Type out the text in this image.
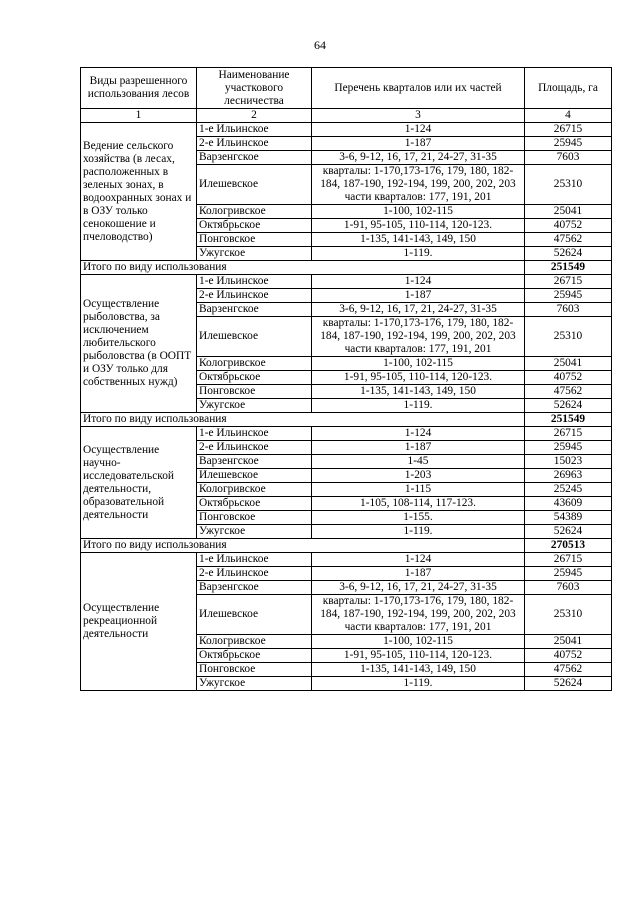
64
Виды разрешенного использования лесов	Наименование участкового лесничества	Перечень кварталов или их частей	Площадь, га
1	2	3	4
Ведение сельского хозяйства (в лесах, расположенных в зеленых зонах, в водоохранных зонах и в ОЗУ только сенокошение и пчеловодство)	1-е Ильинское	1-124	26715
	2-е Ильинское	1-187	25945
	Варзенгское	3-6, 9-12, 16, 17, 21, 24-27, 31-35	7603
	Илешевское	кварталы: 1-170,173-176, 179, 180, 182-184, 187-190, 192-194, 199, 200, 202, 203 части кварталов: 177, 191, 201	25310
	Кологривское	1-100, 102-115	25041
	Октябрьское	1-91, 95-105, 110-114, 120-123.	40752
	Понговское	1-135, 141-143, 149, 150	47562
	Ужугское	1-119.	52624
Итого по виду использования			251549
Осуществление рыболовства, за исключением любительского рыболовства (в ООПТ и ОЗУ только для собственных нужд)	1-е Ильинское	1-124	26715
	2-е Ильинское	1-187	25945
	Варзенгское	3-6, 9-12, 16, 17, 21, 24-27, 31-35	7603
	Илешевское	кварталы: 1-170,173-176, 179, 180, 182-184, 187-190, 192-194, 199, 200, 202, 203 части кварталов: 177, 191, 201	25310
	Кологривское	1-100, 102-115	25041
	Октябрьское	1-91, 95-105, 110-114, 120-123.	40752
	Понговское	1-135, 141-143, 149, 150	47562
	Ужугское	1-119.	52624
Итого по виду использования			251549
Осуществление научно-исследовательской деятельности, образовательной деятельности	1-е Ильинское	1-124	26715
	2-е Ильинское	1-187	25945
	Варзенгское	1-45	15023
	Илешевское	1-203	26963
	Кологривское	1-115	25245
	Октябрьское	1-105, 108-114, 117-123.	43609
	Понговское	1-155.	54389
	Ужугское	1-119.	52624
Итого по виду использования			270513
Осуществление рекреационной деятельности	1-е Ильинское	1-124	26715
	2-е Ильинское	1-187	25945
	Варзенгское	3-6, 9-12, 16, 17, 21, 24-27, 31-35	7603
	Илешевское	кварталы: 1-170,173-176, 179, 180, 182-184, 187-190, 192-194, 199, 200, 202, 203 части кварталов: 177, 191, 201	25310
	Кологривское	1-100, 102-115	25041
	Октябрьское	1-91, 95-105, 110-114, 120-123.	40752
	Понговское	1-135, 141-143, 149, 150	47562
	Ужугское	1-119.	52624
